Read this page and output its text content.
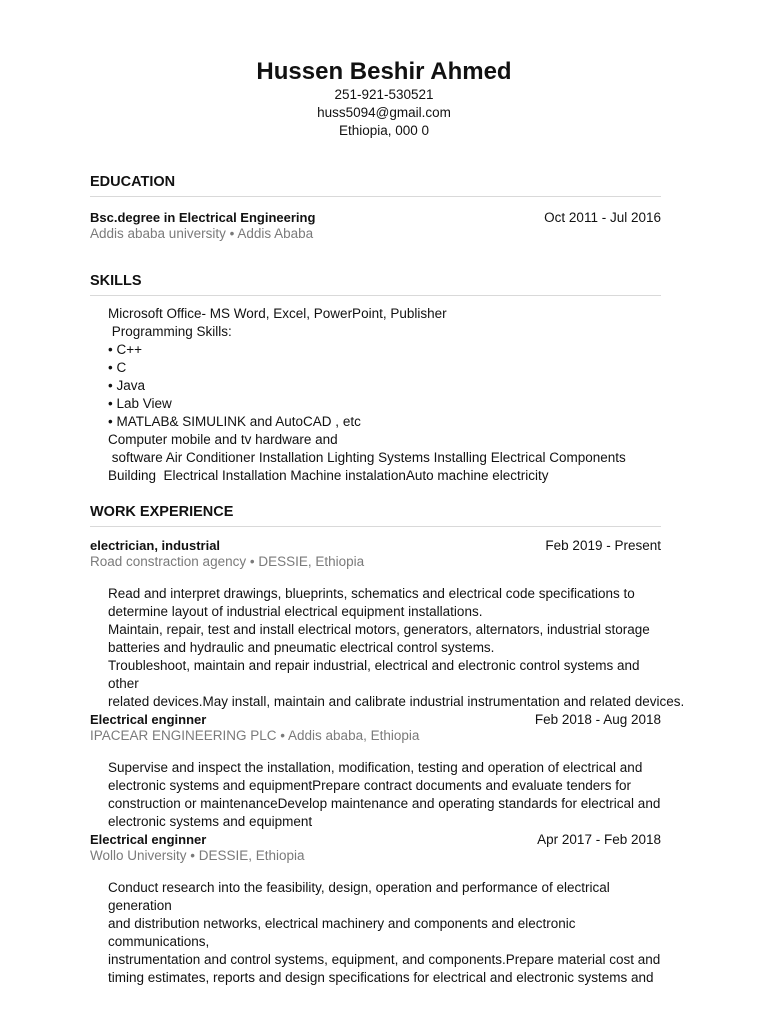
Hussen Beshir Ahmed
251-921-530521
huss5094@gmail.com
Ethiopia, 000 0
EDUCATION
Bsc.degree in Electrical Engineering	Oct 2011 - Jul 2016
Addis ababa university • Addis Ababa
SKILLS
Microsoft Office- MS Word, Excel, PowerPoint, Publisher
Programming Skills:
• C++
• C
• Java
• Lab View
• MATLAB& SIMULINK and AutoCAD , etc
Computer mobile and tv hardware and
software Air Conditioner Installation Lighting Systems Installing Electrical Components
Building  Electrical Installation Machine instalationAuto machine electricity
WORK EXPERIENCE
electrician, industrial	Feb 2019 - Present
Road constraction agency • DESSIE, Ethiopia
Read and interpret drawings, blueprints, schematics and electrical code specifications to
determine layout of industrial electrical equipment installations.
Maintain, repair, test and install electrical motors, generators, alternators, industrial storage
batteries and hydraulic and pneumatic electrical control systems.
Troubleshoot, maintain and repair industrial, electrical and electronic control systems and other
related devices.May install, maintain and calibrate industrial instrumentation and related devices.
Electrical enginner	Feb 2018 - Aug 2018
IPACEAR ENGINEERING PLC • Addis ababa, Ethiopia
Supervise and inspect the installation, modification, testing and operation of electrical and
electronic systems and equipmentPrepare contract documents and evaluate tenders for
construction or maintenanceDevelop maintenance and operating standards for electrical and
electronic systems and equipment
Electrical enginner	Apr 2017 - Feb 2018
Wollo University • DESSIE, Ethiopia
Conduct research into the feasibility, design, operation and performance of electrical generation
and distribution networks, electrical machinery and components and electronic communications,
instrumentation and control systems, equipment, and components.Prepare material cost and
timing estimates, reports and design specifications for electrical and electronic systems and
